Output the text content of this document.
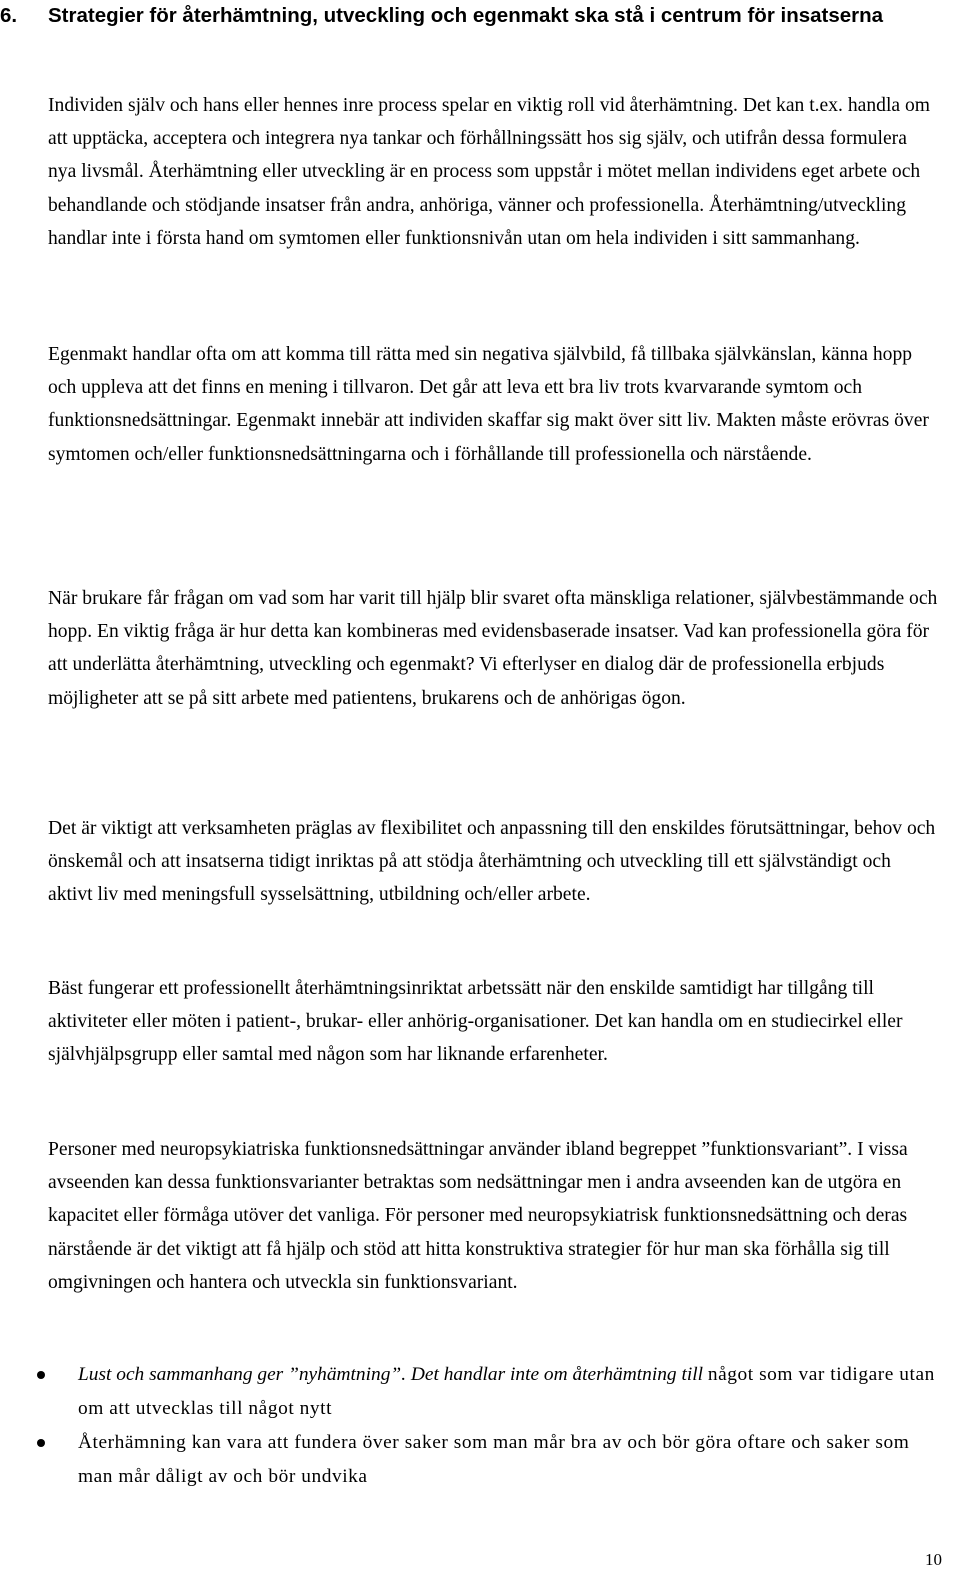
6.	Strategier för återhämtning, utveckling och egenmakt ska stå i centrum för insatserna

Individen själv och hans eller hennes inre process spelar en viktig roll vid återhämtning. Det kan t.ex. handla om att upptäcka, acceptera och integrera nya tankar och förhållningssätt hos sig själv, och utifrån dessa formulera nya livsmål. Återhämtning eller utveckling är en process som uppstår i mötet mellan individens eget arbete och behandlande och stödjande insatser från andra, anhöriga, vänner och professionella. Återhämtning/utveckling handlar inte i första hand om symtomen eller funktionsnivån utan om hela individen i sitt sammanhang.

Egenmakt handlar ofta om att komma till rätta med sin negativa självbild, få tillbaka självkänslan, känna hopp och uppleva att det finns en mening i tillvaron. Det går att leva ett bra liv trots kvarvarande symtom och funktionsnedsättningar. Egenmakt innebär att individen skaffar sig makt över sitt liv. Makten måste erövras över symtomen och/eller funktionsnedsättningarna och i förhållande till professionella och närstående.

När brukare får frågan om vad som har varit till hjälp blir svaret ofta mänskliga relationer, självbestämmande och hopp. En viktig fråga är hur detta kan kombineras med evidensbaserade insatser. Vad kan professionella göra för att underlätta återhämtning, utveckling och egenmakt? Vi efterlyser en dialog där de professionella erbjuds möjligheter att se på sitt arbete med patientens, brukarens och de anhörigas ögon.

Det är viktigt att verksamheten präglas av flexibilitet och anpassning till den enskildes förutsättningar, behov och önskemål och att insatserna tidigt inriktas på att stödja återhämtning och utveckling till ett självständigt och aktivt liv med meningsfull sysselsättning, utbildning och/eller arbete.

Bäst fungerar ett professionellt återhämtningsinriktat arbetssätt när den enskilde samtidigt har tillgång till aktiviteter eller möten i patient-, brukar- eller anhörig-organisationer. Det kan handla om en studiecirkel eller självhjälpsgrupp eller samtal med någon som har liknande erfarenheter.

Personer med neuropsykiatriska funktionsnedsättningar använder ibland begreppet ”funktionsvariant”. I vissa avseenden kan dessa funktionsvarianter betraktas som nedsättningar men i andra avseenden kan de utgöra en kapacitet eller förmåga utöver det vanliga. För personer med neuropsykiatrisk funktionsnedsättning och deras närstående är det viktigt att få hjälp och stöd att hitta konstruktiva strategier för hur man ska förhålla sig till omgivningen och hantera och utveckla sin funktionsvariant.

Lust och sammanhang ger ”nyhämtning”. Det handlar inte om återhämtning till något som var tidigare utan om att utvecklas till något nytt
Återhämning kan vara att fundera över saker som man mår bra av och bör göra oftare och saker som man mår dåligt av och bör undvika
10
